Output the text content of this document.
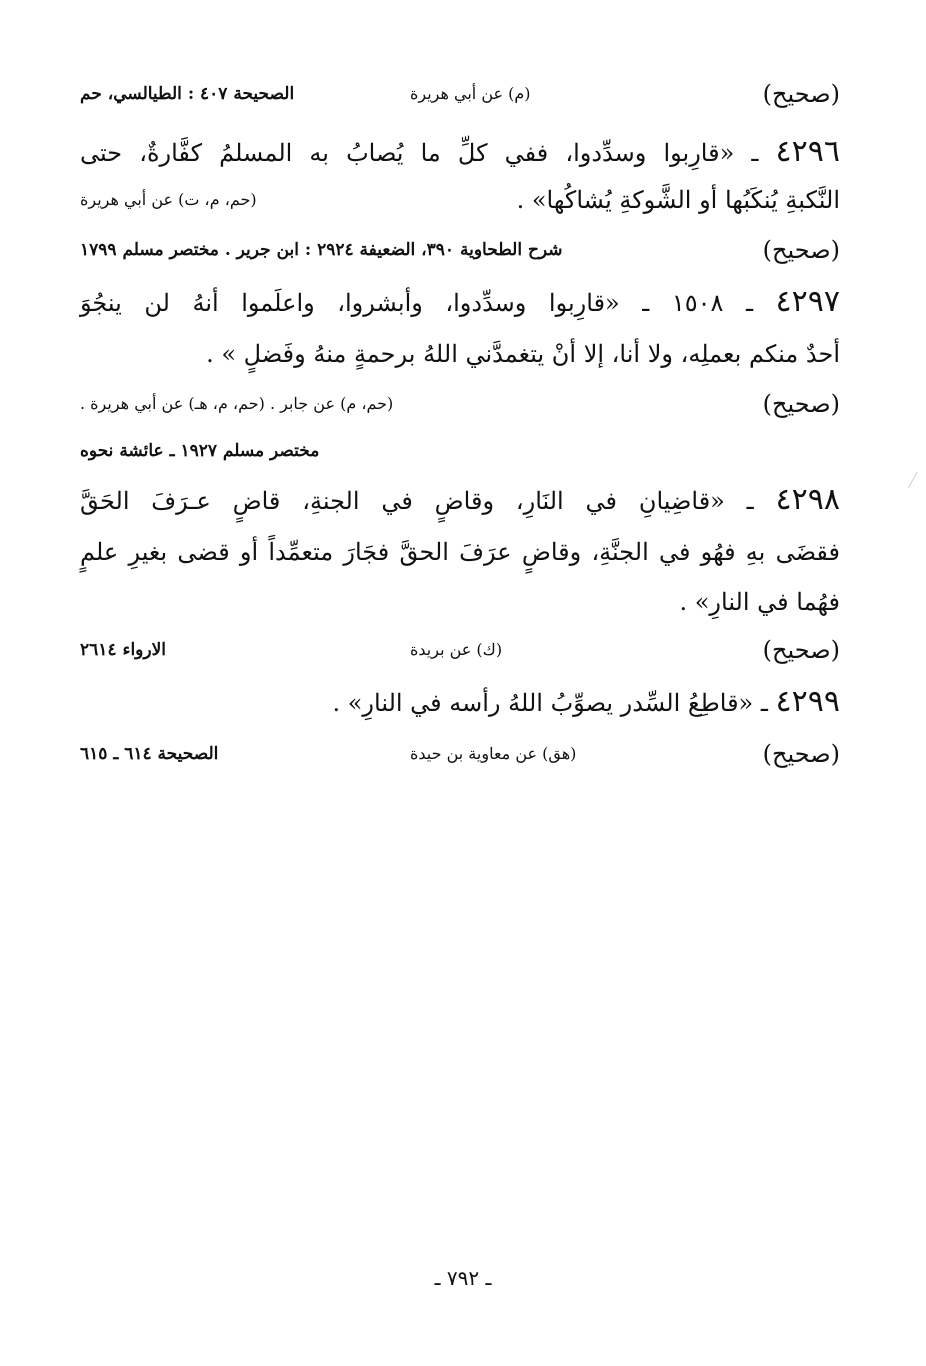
(صحيح)
(م) عن أبي هريرة
الصحيحة ٤٠٧ : الطيالسي، حم
٤٢٩٦ ـ «قارِبوا وسدِّدوا، ففي كلِّ ما يُصابُ به المسلمُ كفَّارةٌ، حتى
النَّكبةِ يُنكَبُها أو الشَّوكةِ يُشاكُها» .
(حم، م، ت) عن أبي هريرة
(صحيح)
شرح الطحاوية ٣٩٠، الضعيفة ٢٩٢٤ : ابن جرير . مختصر مسلم ١٧٩٩
٤٢٩٧ ـ ١٥٠٨ ـ «قارِبوا وسدِّدوا، وأبشروا، واعلَموا أنهُ لن ينجُوَ
أحدٌ منكم بعملِه، ولا أنا، إلا أنْ يتغمدَّني اللهُ برحمةٍ منهُ وفَضلٍ » .
(صحيح)
(حم، م) عن جابر . (حم، م، هـ) عن أبي هريرة .
مختصر مسلم ١٩٢٧ ـ عائشة نحوه
٤٢٩٨ ـ «قاضِيانِ في النَارِ، وقاضٍ في الجنةِ، قاضٍ عـرَفَ الحَقَّ
فقضَى بهِ فهُو في الجنَّةِ، وقاضٍ عرَفَ الحقَّ فجَارَ متعمِّداً أو قضى بغيرِ علمٍ
فهُما في النارِ» .
(صحيح)
(ك) عن بريدة
الارواء ٢٦١٤
٤٢٩٩ ـ «قاطِعُ السِّدر يصوِّبُ اللهُ رأسه في النارِ» .
(صحيح)
(هق) عن معاوية بن حيدة
الصحيحة ٦١٤ ـ ٦١٥
ـ ٧٩٢ ـ
